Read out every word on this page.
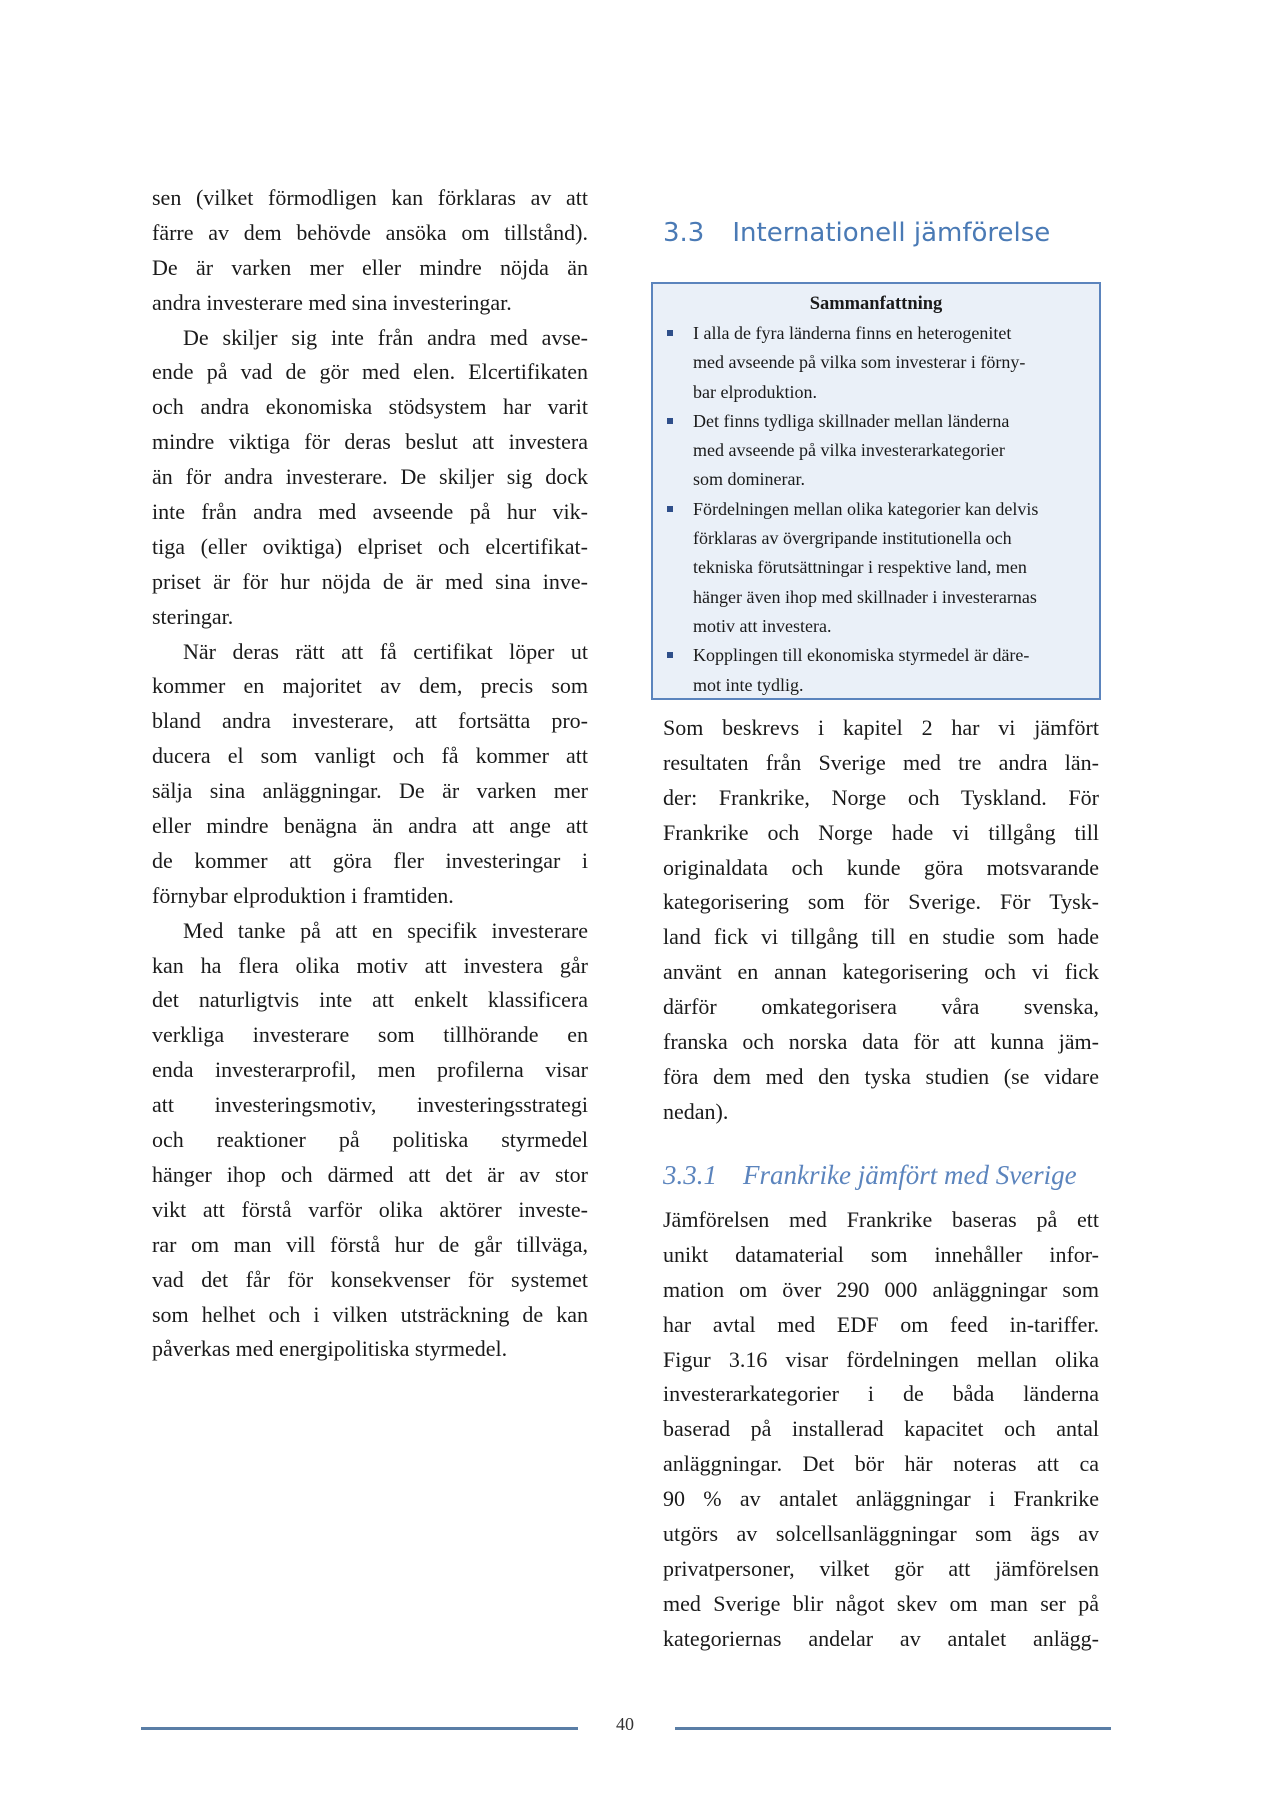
sen (vilket förmodligen kan förklaras av att
färre av dem behövde ansöka om tillstånd).
De är varken mer eller mindre nöjda än
andra investerare med sina investeringar.
De skiljer sig inte från andra med avse-
ende på vad de gör med elen. Elcertifikaten
och andra ekonomiska stödsystem har varit
mindre viktiga för deras beslut att investera
än för andra investerare. De skiljer sig dock
inte från andra med avseende på hur vik-
tiga (eller oviktiga) elpriset och elcertifikat-
priset är för hur nöjda de är med sina inve-
steringar.
När deras rätt att få certifikat löper ut
kommer en majoritet av dem, precis som
bland andra investerare, att fortsätta pro-
ducera el som vanligt och få kommer att
sälja sina anläggningar. De är varken mer
eller mindre benägna än andra att ange att
de kommer att göra fler investeringar i
förnybar elproduktion i framtiden.
Med tanke på att en specifik investerare
kan ha flera olika motiv att investera går
det naturligtvis inte att enkelt klassificera
verkliga investerare som tillhörande en
enda investerarprofil, men profilerna visar
att investeringsmotiv, investeringsstrategi
och reaktioner på politiska styrmedel
hänger ihop och därmed att det är av stor
vikt att förstå varför olika aktörer investe-
rar om man vill förstå hur de går tillväga,
vad det får för konsekvenser för systemet
som helhet och i vilken utsträckning de kan
påverkas med energipolitiska styrmedel.
3.3 Internationell jämförelse
Sammanfattning
I alla de fyra länderna finns en heterogenitet
med avseende på vilka som investerar i förny-
bar elproduktion.
Det finns tydliga skillnader mellan länderna
med avseende på vilka investerarkategorier
som dominerar.
Fördelningen mellan olika kategorier kan delvis
förklaras av övergripande institutionella och
tekniska förutsättningar i respektive land, men
hänger även ihop med skillnader i investerarnas
motiv att investera.
Kopplingen till ekonomiska styrmedel är däre-
mot inte tydlig.
Som beskrevs i kapitel 2 har vi jämfört
resultaten från Sverige med tre andra län-
der: Frankrike, Norge och Tyskland. För
Frankrike och Norge hade vi tillgång till
originaldata och kunde göra motsvarande
kategorisering som för Sverige. För Tysk-
land fick vi tillgång till en studie som hade
använt en annan kategorisering och vi fick
därför omkategorisera våra svenska,
franska och norska data för att kunna jäm-
föra dem med den tyska studien (se vidare
nedan).
3.3.1 Frankrike jämfört med Sverige
Jämförelsen med Frankrike baseras på ett
unikt datamaterial som innehåller infor-
mation om över 290 000 anläggningar som
har avtal med EDF om feed in-tariffer.
Figur 3.16 visar fördelningen mellan olika
investerarkategorier i de båda länderna
baserad på installerad kapacitet och antal
anläggningar. Det bör här noteras att ca
90 % av antalet anläggningar i Frankrike
utgörs av solcellsanläggningar som ägs av
privatpersoner, vilket gör att jämförelsen
med Sverige blir något skev om man ser på
kategoriernas andelar av antalet anlägg-
40
